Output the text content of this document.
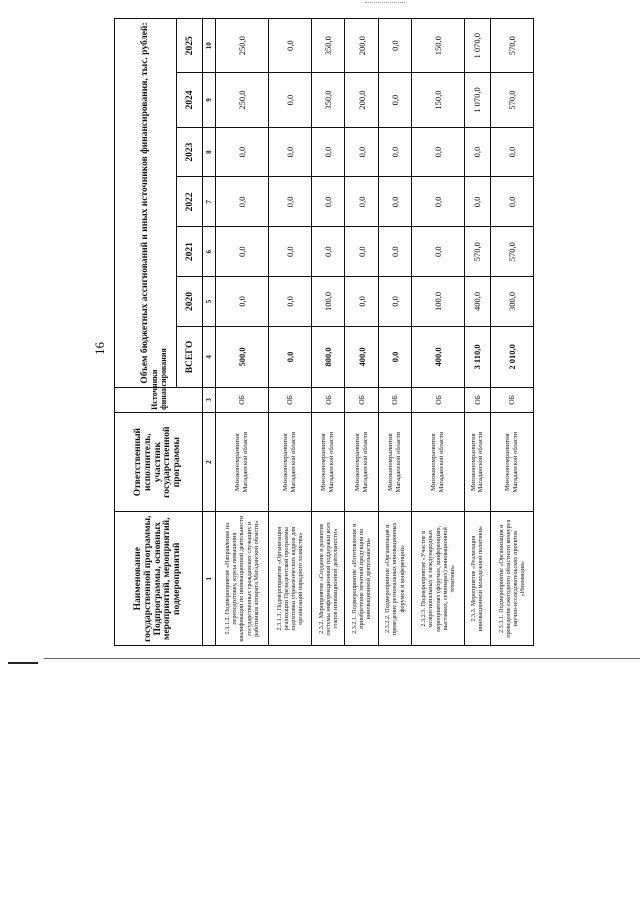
16
Наименование государственной программы, Подпрограммы, основных мероприятий, мероприятий, подмероприятий	Ответственный исполнитель, участник государственной программы	Источники финансирования	Объем бюджетных ассигнований и иных источников финансирования, тыс. рублей:						
			ВСЕГО	2020	2021	2022	2023	2024	2025
1	2	3	4	5	6	7	8	9	10
2.3.1.2. Подмероприятие «Направление на переподготовку, курсы повышения квалификации по инновационной деятельности государственных гражданских служащих и работников аппарата Магаданской области»	Минэкономразвития Магаданской области	ОБ	500,0	0,0	0,0	0,0	0,0	250,0	250,0
2.3.1.3. Подмероприятие «Организация реализации Президентской программы подготовки управленческих кадров для организаций народного хозяйства»	Минэкономразвития Магаданской области	ОБ	0,0	0,0	0,0	0,0	0,0	0,0	0,0
2.3.2. Мероприятие «Создание и развитие системы информационной поддержки всех этапов инновационной деятельности»	Минэкономразвития Магаданской области	ОБ	800,0	100,0	0,0	0,0	0,0	350,0	350,0
2.3.2.1. Подмероприятие «Изготовление и приобретение печатной продукции по инновационной деятельности»	Минэкономразвития Магаданской области	ОБ	400,0	0,0	0,0	0,0	0,0	200,0	200,0
2.3.2.2. Подмероприятие «Организация и проведение региональных инновационных форумов и конференций»	Минэкономразвития Магаданской области	ОБ	0,0	0,0	0,0	0,0	0,0	0,0	0,0
2.3.2.3. Подмероприятие «Участие в межрегиональных и международных мероприятиях (форумах, конференциях, выставках, семинарах) инновационной тематики»	Минэкономразвития Магаданской области	ОБ	400,0	100,0	0,0	0,0	0,0	150,0	150,0
2.3.3. Мероприятие «Реализация инновационной молодежной политики»	Минэкономразвития Магаданской области	ОБ	3 110,0	400,0	570,0	0,0	0,0	1 070,0	1 070,0
2.3.3.1. Подмероприятие «Организация и проведение ежегодного областного конкурса научно-исследовательских проектов «Инновация»	Минэкономразвития Магаданской области	ОБ	2 010,0	300,0	570,0	0,0	0,0	570,0	570,0
